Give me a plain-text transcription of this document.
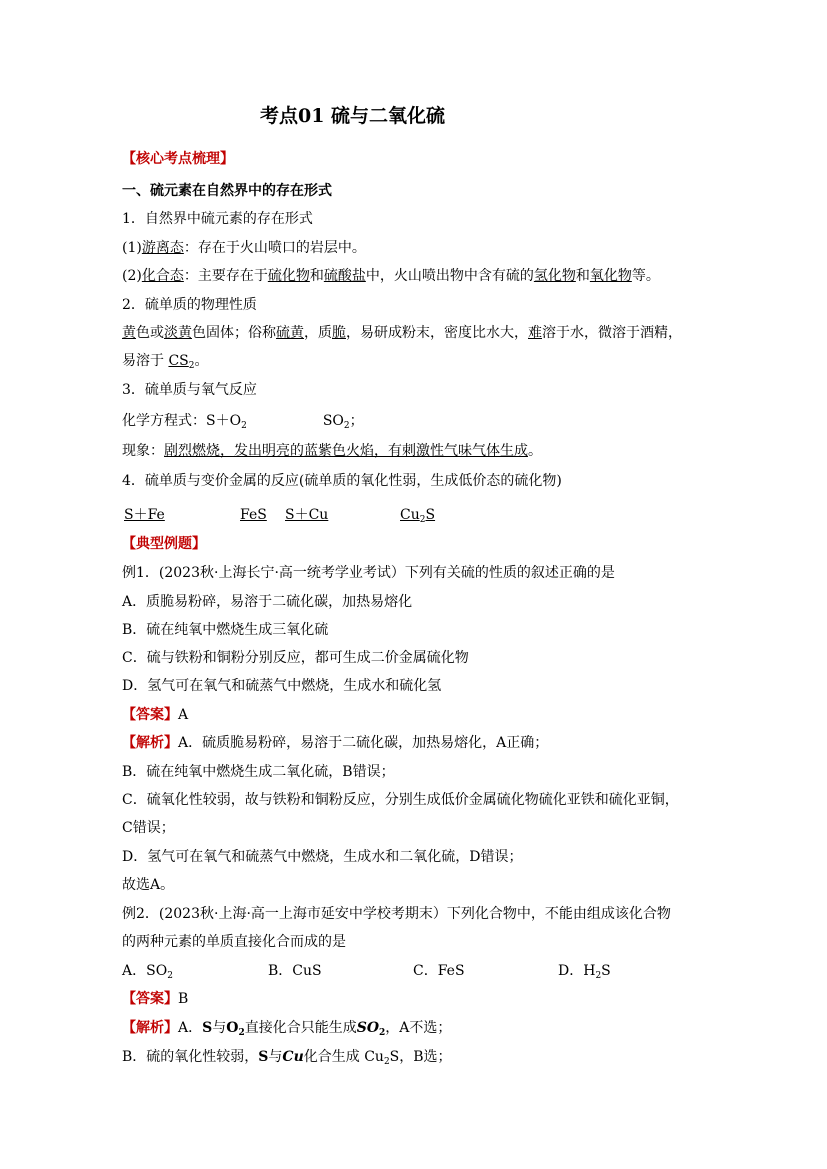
考点01 硫与二氧化硫
【核心考点梳理】
一、硫元素在自然界中的存在形式
1．自然界中硫元素的存在形式
(1)游离态：存在于火山喷口的岩层中。
(2)化合态：主要存在于硫化物和硫酸盐中，火山喷出物中含有硫的氢化物和氧化物等。
2．硫单质的物理性质
黄色或淡黄色固体；俗称硫黄，质脆，易研成粉末，密度比水大，难溶于水，微溶于酒精，
易溶于 $CS_2$。
3．硫单质与氧气反应
化学方程式：$S+O_2$	$SO_2$；
现象：剧烈燃烧，发出明亮的蓝紫色火焰，有刺激性气味气体生成。
4．硫单质与变价金属的反应(硫单质的氧化性弱，生成低价态的硫化物)
S＋Fe	FeS S＋Cu	$Cu_2S$
【典型例题】
例1．(2023秋·上海长宁·高一统考学业考试）下列有关硫的性质的叙述正确的是
A．质脆易粉碎，易溶于二硫化碳，加热易熔化
B．硫在纯氧中燃烧生成三氧化硫
C．硫与铁粉和铜粉分别反应，都可生成二价金属硫化物
D．氢气可在氧气和硫蒸气中燃烧，生成水和硫化氢
【答案】A
【解析】A．硫质脆易粉碎，易溶于二硫化碳，加热易熔化，A正确；
B．硫在纯氧中燃烧生成二氧化硫，B错误；
C．硫氧化性较弱，故与铁粉和铜粉反应，分别生成低价金属硫化物硫化亚铁和硫化亚铜，
C错误；
D．氢气可在氧气和硫蒸气中燃烧，生成水和二氧化硫，D错误；
故选A。
例2．(2023秋·上海·高一上海市延安中学校考期末）下列化合物中，不能由组成该化合物
的两种元素的单质直接化合而成的是
A．$SO_2$	B．CuS	C．FeS	D．$H_2S$
【答案】B
【解析】A．S与$O_2$直接化合只能生成$SO_2$，A不选；
B．硫的氧化性较弱，S与Cu化合生成 $Cu_2S$，B选；
